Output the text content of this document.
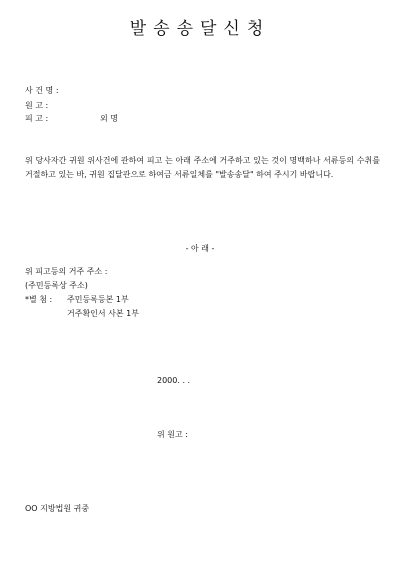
발송송달신청
사 건 명 :
원 고 :
피 고 :	외 명
위 당사자간 귀원 위사건에 관하여 피고 는 아래 주소에 거주하고 있는 것이 명백하나 서류등의 수취를 거절하고 있는 바, 귀원 집달관으로 하여금 서류일체를 "발송송달" 하여 주시기 바랍니다.
- 아 래 -
위 피고등의 거주 주소 :
(주민등록상 주소)
*별 첨 : 주민등록등본 1부
거주확인서 사본 1부
2000. . .
위 원고 :
OO 지방법원 귀중
